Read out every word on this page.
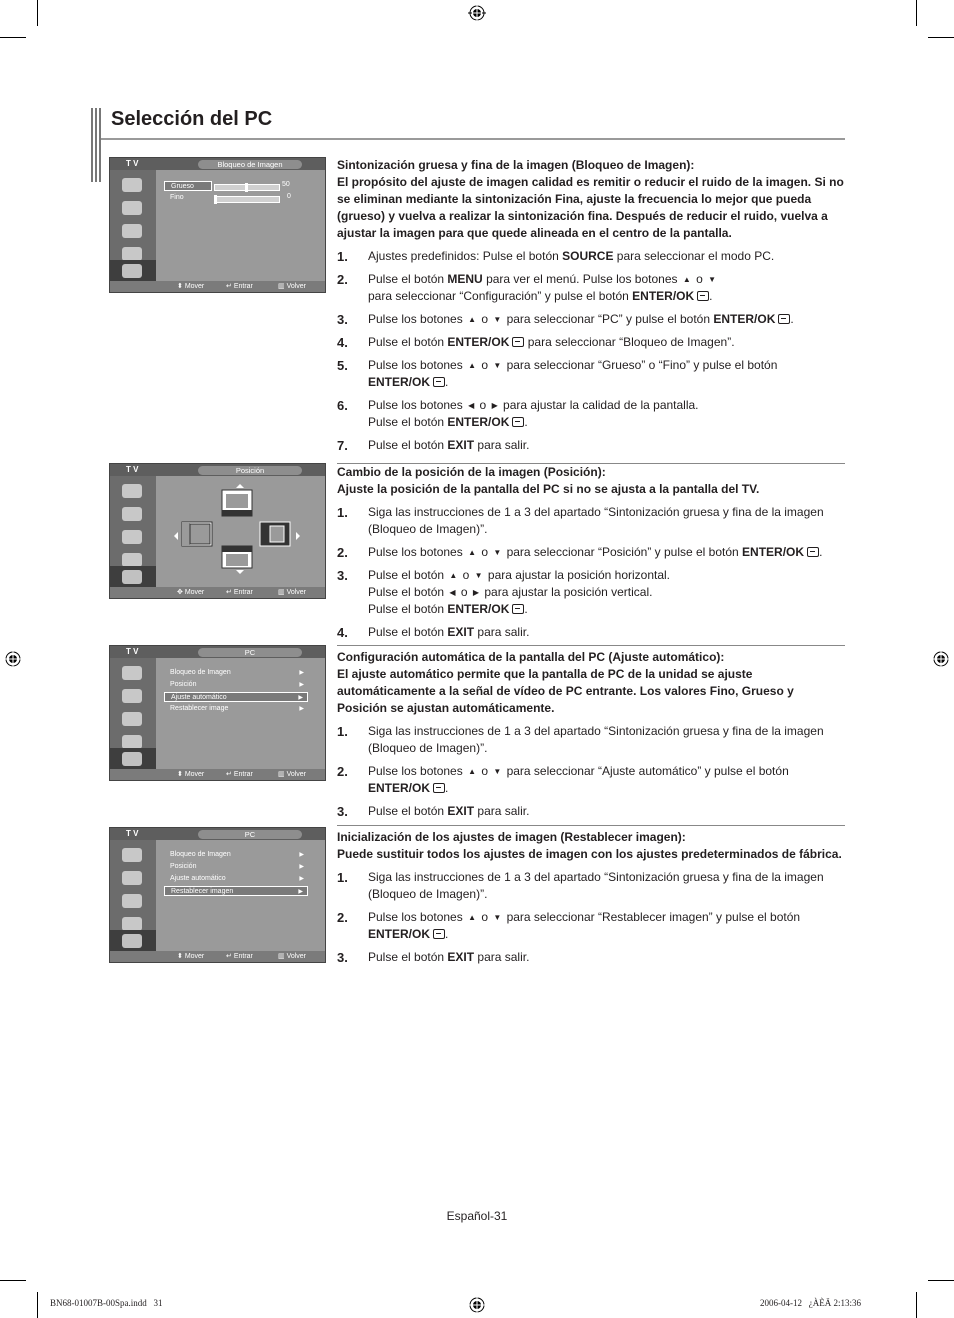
Selección del PC
T V	Bloqueo de Imagen
Grueso	50
Fino	0
⬍ Mover	↵ Entrar	▥ Volver
T V	Posición
✥ Mover	↵ Entrar	▥ Volver
T V	PC
Bloqueo de Imagen	▶
Posición	▶
Ajuste automático	▶
Restablecer image	▶
⬍ Mover	↵ Entrar	▥ Volver
T V	PC
Bloqueo de Imagen	▶
Posición	▶
Ajuste automático	▶
Restablecer imagen	▶
⬍ Mover	↵ Entrar	▥ Volver
Sintonización gruesa y fina de la imagen (Bloqueo de Imagen):
El propósito del ajuste de imagen calidad es remitir o reducir el ruido de la imagen. Si no se eliminan mediante la sintonización Fina, ajuste la frecuencia lo mejor que pueda (grueso) y vuelva a realizar la sintonización fina. Después de reducir el ruido, vuelva a ajustar la imagen para que quede alineada en el centro de la pantalla.
1. Ajustes predefinidos: Pulse el botón SOURCE para seleccionar el modo PC.
2. Pulse el botón MENU para ver el menú. Pulse los botones ▲ o ▼
para seleccionar “Configuración” y pulse el botón ENTER/OK .
3. Pulse los botones ▲ o ▼ para seleccionar “PC” y pulse el botón ENTER/OK .
4. Pulse el botón ENTER/OK para seleccionar “Bloqueo de Imagen”.
5. Pulse los botones ▲ o ▼ para seleccionar “Grueso” o “Fino” y pulse el botón
ENTER/OK .
6. Pulse los botones ◀ o ▶ para ajustar la calidad de la pantalla.
Pulse el botón ENTER/OK .
7. Pulse el botón EXIT para salir.
Cambio de la posición de la imagen (Posición):
Ajuste la posición de la pantalla del PC si no se ajusta a la pantalla del TV.
1. Siga las instrucciones de 1 a 3 del apartado “Sintonización gruesa y fina de la imagen (Bloqueo de Imagen)”.
2. Pulse los botones ▲ o ▼ para seleccionar “Posición” y pulse el botón ENTER/OK .
3. Pulse el botón ▲ o ▼ para ajustar la posición horizontal.
Pulse el botón ◀ o ▶ para ajustar la posición vertical.
Pulse el botón ENTER/OK .
4. Pulse el botón EXIT para salir.
Configuración automática de la pantalla del PC (Ajuste automático):
El ajuste automático permite que la pantalla de PC de la unidad se ajuste automáticamente a la señal de vídeo de PC entrante. Los valores Fino, Grueso y Posición se ajustan automáticamente.
1. Siga las instrucciones de 1 a 3 del apartado “Sintonización gruesa y fina de la imagen (Bloqueo de Imagen)”.
2. Pulse los botones ▲ o ▼ para seleccionar “Ajuste automático” y pulse el botón
ENTER/OK .
3. Pulse el botón EXIT para salir.
Inicialización de los ajustes de imagen (Restablecer imagen):
Puede sustituir todos los ajustes de imagen con los ajustes predeterminados de fábrica.
1. Siga las instrucciones de 1 a 3 del apartado “Sintonización gruesa y fina de la imagen (Bloqueo de Imagen)”.
2. Pulse los botones ▲ o ▼ para seleccionar “Restablecer imagen” y pulse el botón
ENTER/OK .
3. Pulse el botón EXIT para salir.
Español-31
BN68-01007B-00Spa.indd   31	2006-04-12   ¿ÀÈÄ 2:13:36
